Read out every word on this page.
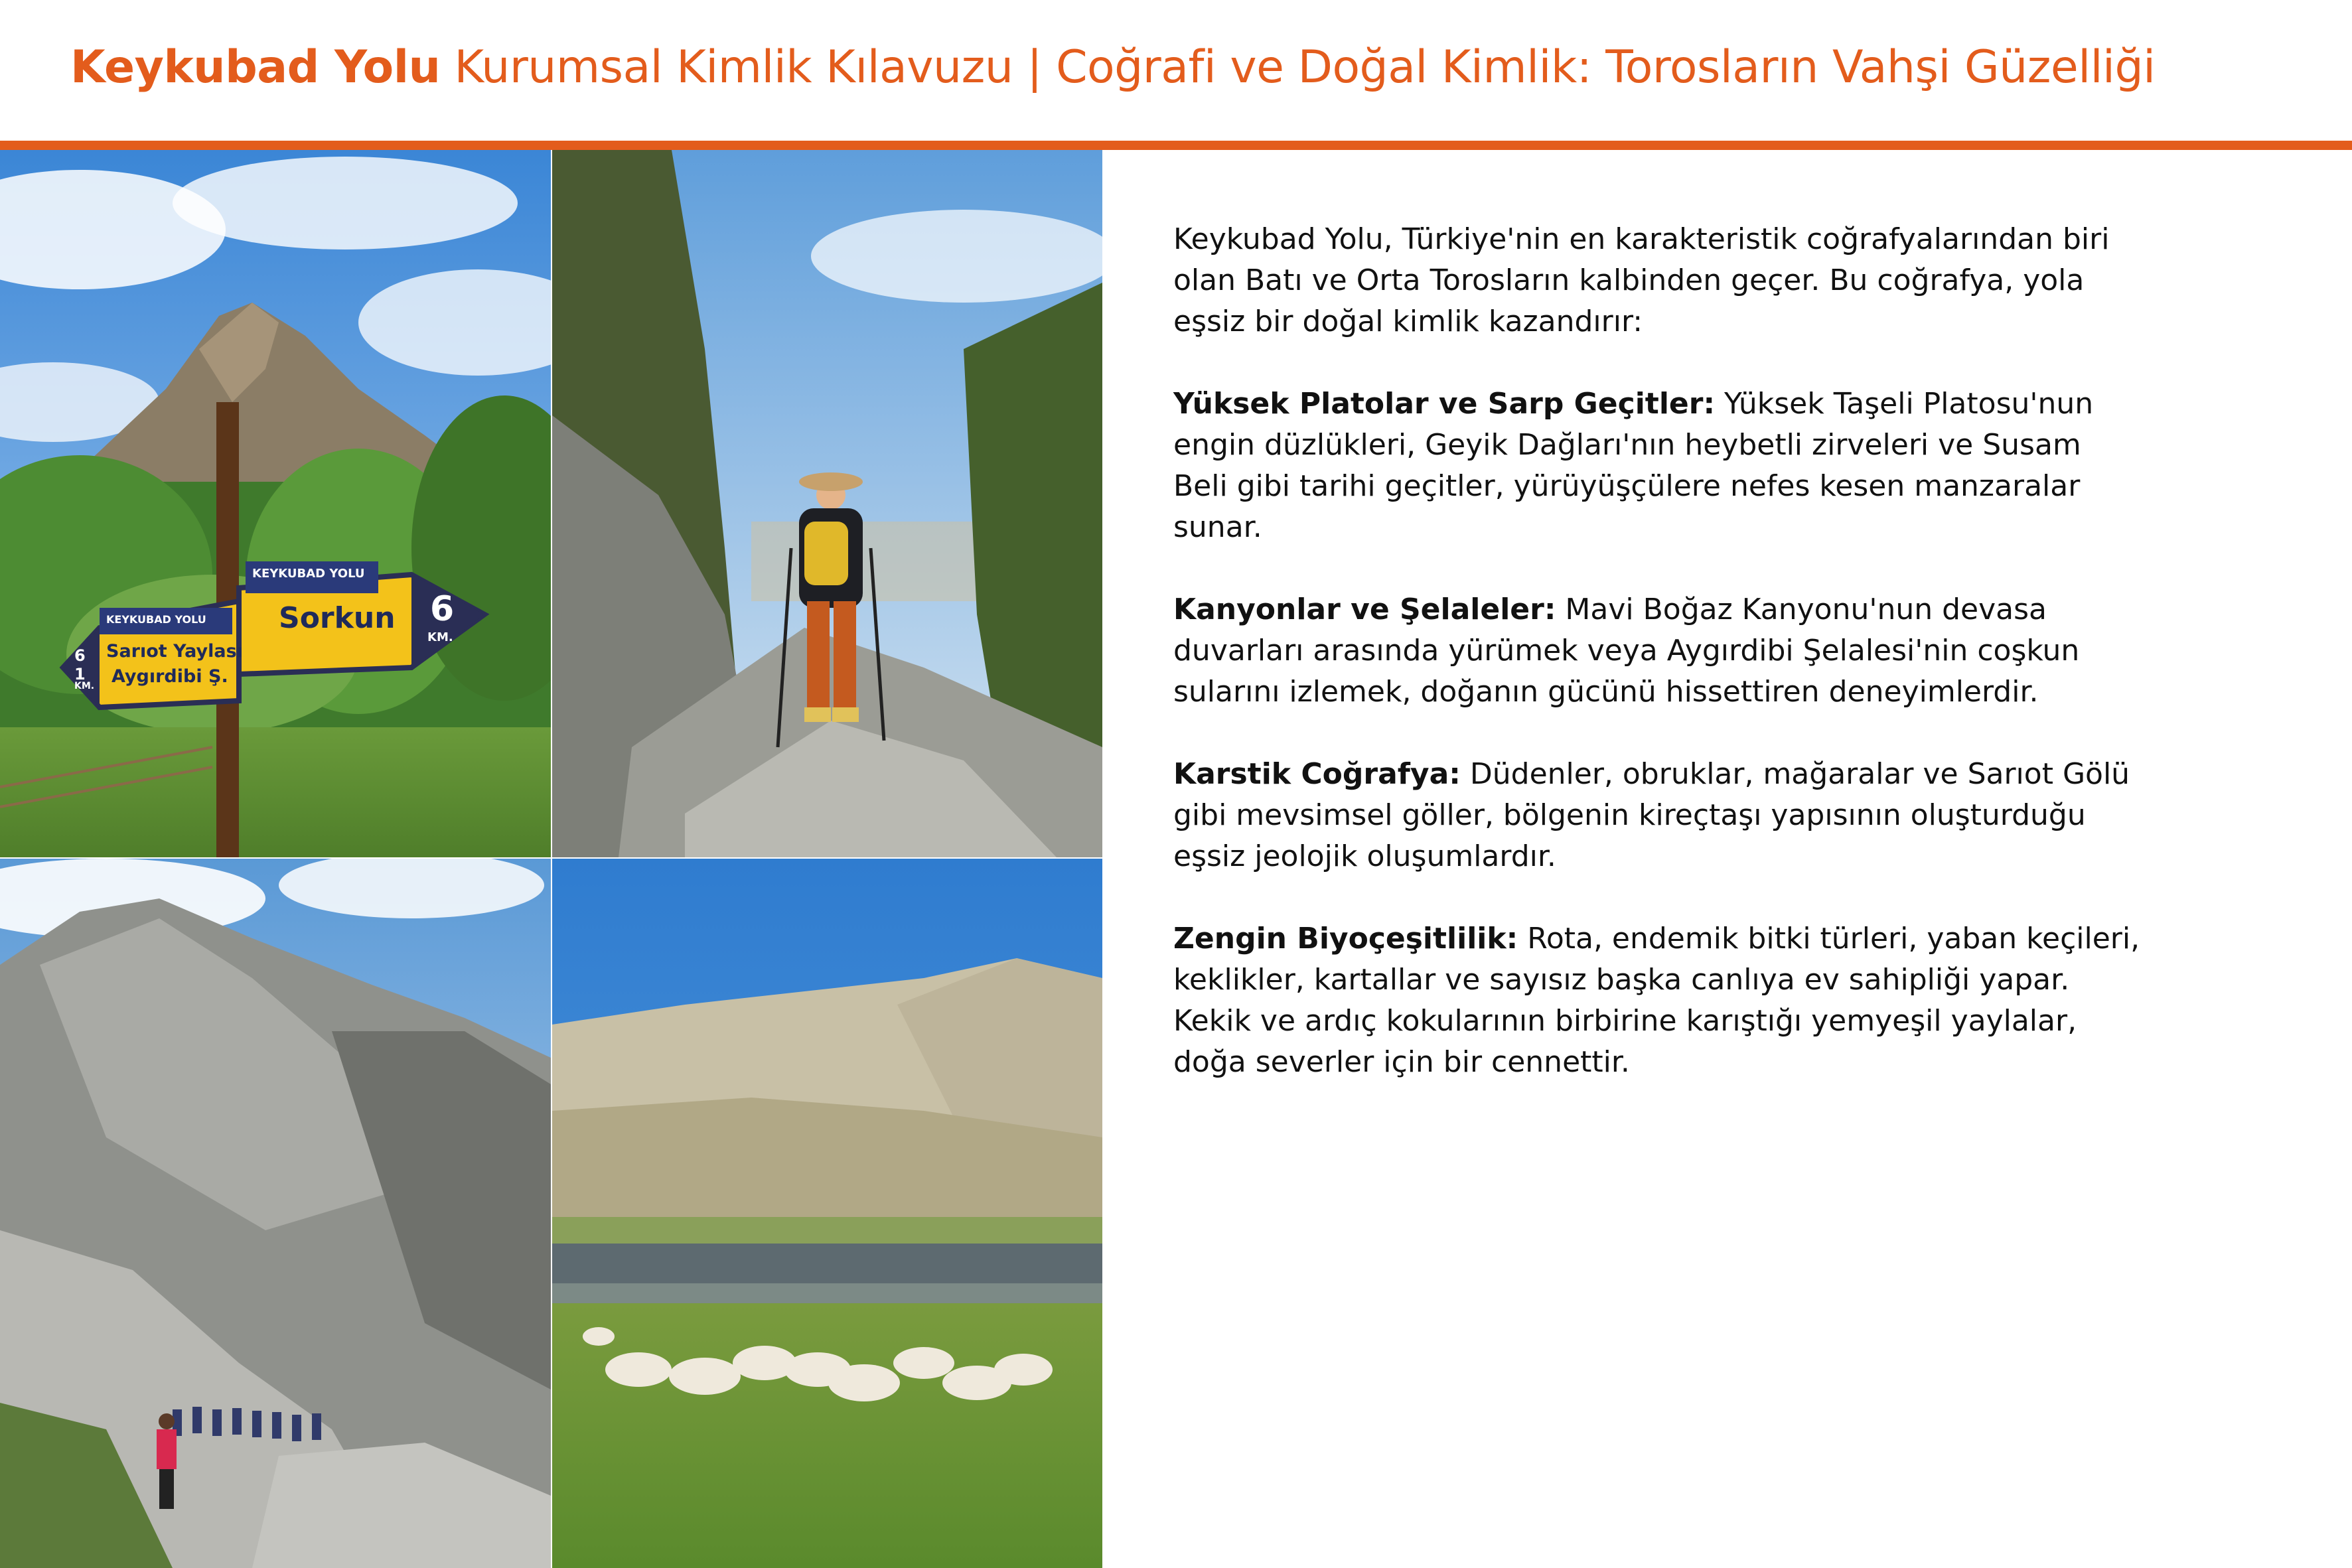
Keykubad Yolu Kurumsal Kimlik Kılavuzu | Coğrafi ve Doğal Kimlik: Torosların Vahşi Güzelliği
KEYKUBAD YOLU
Sorkun 6
KM.
KEYKUBAD YOLU
Sarıot Yaylası
Aygırdibi Ş.
6 1
KM.

Keykubad Yolu, Türkiye'nin en karakteristik coğrafyalarından biri olan Batı ve Orta Torosların kalbinden geçer. Bu coğrafya, yola eşsiz bir doğal kimlik kazandırır:

Yüksek Platolar ve Sarp Geçitler: Yüksek Taşeli Platosu'nun engin düzlükleri, Geyik Dağları'nın heybetli zirveleri ve Susam Beli gibi tarihi geçitler, yürüyüşçülere nefes kesen manzaralar sunar.

Kanyonlar ve Şelaleler: Mavi Boğaz Kanyonu'nun devasa duvarları arasında yürümek veya Aygırdibi Şelalesi'nin coşkun sularını izlemek, doğanın gücünü hissettiren deneyimlerdir.

Karstik Coğrafya: Düdenler, obruklar, mağaralar ve Sarıot Gölü gibi mevsimsel göller, bölgenin kireçtaşı yapısının oluşturduğu eşsiz jeolojik oluşumlardır.

Zengin Biyoçeşitlilik: Rota, endemik bitki türleri, yaban keçileri, keklikler, kartallar ve sayısız başka canlıya ev sahipliği yapar. Kekik ve ardıç kokularının birbirine karıştığı yemyeşil yaylalar, doğa severler için bir cennettir.
